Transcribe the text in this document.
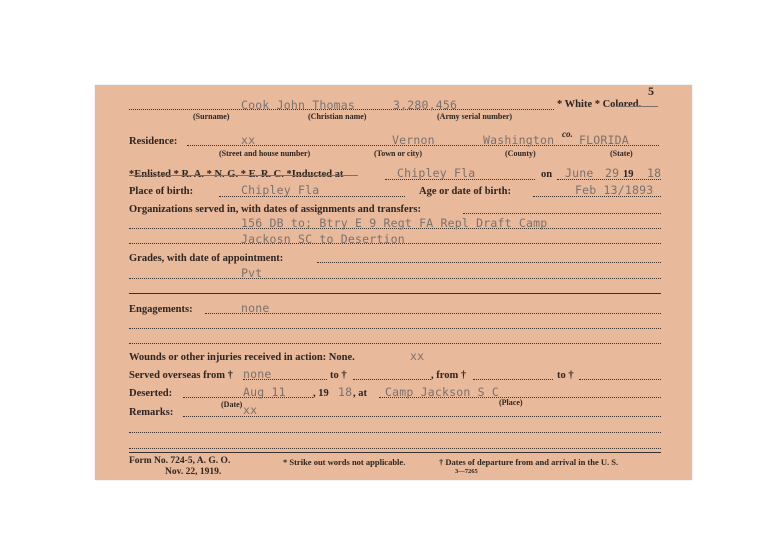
5
Cook John Thomas	3,280,456	* White * Colored.
(Surname)	(Christian name)	(Army serial number)
Residence:	xx	Vernon	Washington co. FLORIDA
(Street and house number)	(Town or city)	(County)	(State)
*Enlisted * R. A. * N. G. * E. R. C. *Inducted at	Chipley Fla	on June 29 19 18
Place of birth:	Chipley Fla	Age or date of birth:	Feb 13/1893
Organizations served in, with dates of assignments and transfers:
156 DB to; Btry E 9 Regt FA Repl Draft Camp
Jackosn SC to Desertion
Grades, with date of appointment:
Pvt
Engagements:	none
Wounds or other injuries received in action: None.	xx
Served overseas from † none	to †	, from †	to †
Deserted:	Aug 11	, 19 18 , at Camp Jackson S C
(Date)	(Place)
Remarks:	xx
Form No. 724-5, A. G. O.
Nov. 22, 1919.
* Strike out words not applicable.	† Dates of departure from and arrival in the U. S.
3—7265
